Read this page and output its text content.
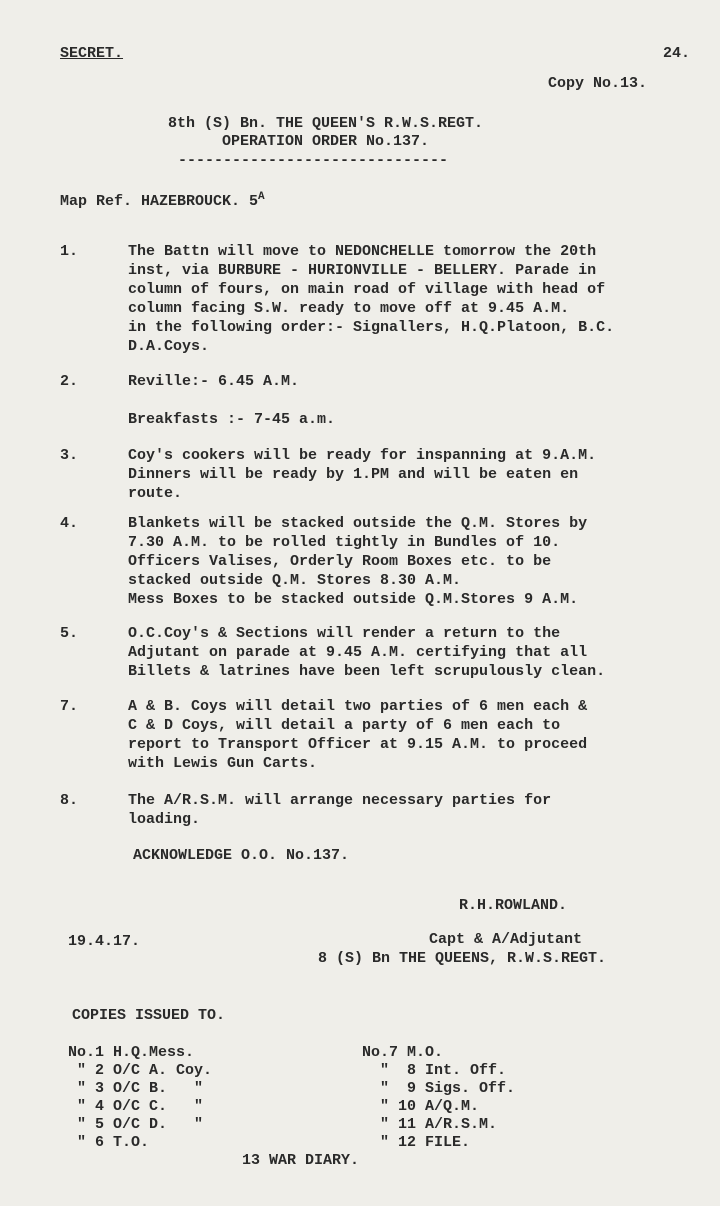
SECRET.	24.
Copy No.13.
8th (S) Bn. THE QUEEN'S R.W.S.REGT.
OPERATION ORDER No.137.
------------------------------
Map Ref. HAZEBROUCK. $5^A$
1.	The Battn will move to NEDONCHELLE tomorrow the 20th
inst, via BURBURE - HURIONVILLE - BELLERY. Parade in
column of fours, on main road of village with head of
column facing S.W. ready to move off at 9.45 A.M.
in the following order:- Signallers, H.Q.Platoon, B.C.
D.A.Coys.
2.	Reville:- 6.45 A.M.
Breakfasts :- 7-45 a.m.
3.	Coy's cookers will be ready for inspanning at 9.A.M.
Dinners will be ready by 1.PM and will be eaten en
route.
4.	Blankets will be stacked outside the Q.M. Stores by
7.30 A.M. to be rolled tightly in Bundles of 10.
Officers Valises, Orderly Room Boxes etc. to be
stacked outside Q.M. Stores 8.30 A.M.
Mess Boxes to be stacked outside Q.M.Stores 9 A.M.
5.	O.C.Coy's & Sections will render a return to the
Adjutant on parade at 9.45 A.M. certifying that all
Billets & latrines have been left scrupulously clean.
7.	A & B. Coys will detail two parties of 6 men each &
C & D Coys, will detail a party of 6 men each to
report to Transport Officer at 9.15 A.M. to proceed
with Lewis Gun Carts.
8.	The A/R.S.M. will arrange necessary parties for
loading.
ACKNOWLEDGE O.O. No.137.
R.H.ROWLAND.
19.4.17.	Capt & A/Adjutant
8 (S) Bn THE QUEENS, R.W.S.REGT.
COPIES ISSUED TO.
No.1 H.Q.Mess.
" 2 O/C A. Coy.
" 3 O/C B.   "
" 4 O/C C.   "
" 5 O/C D.   "
" 6 T.O.
No.7 M.O.
"  8 Int. Off.
"  9 Sigs. Off.
" 10 A/Q.M.
" 11 A/R.S.M.
" 12 FILE.
13 WAR DIARY.
